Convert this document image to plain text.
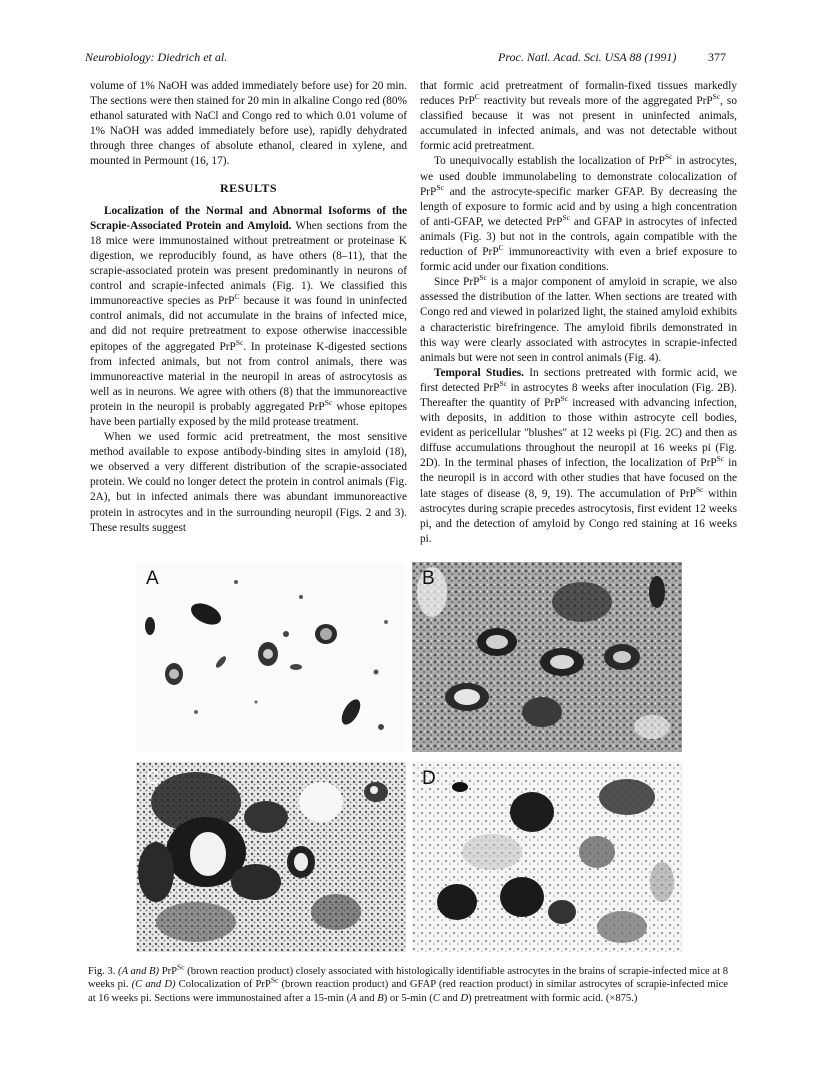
Neurobiology: Diedrich et al.	Proc. Natl. Acad. Sci. USA 88 (1991)	377

volume of 1% NaOH was added immediately before use) for 20 min. The sections were then stained for 20 min in alkaline Congo red (80% ethanol saturated with NaCl and Congo red to which 0.01 volume of 1% NaOH was added immediately before use), rapidly dehydrated through three changes of absolute ethanol, cleared in xylene, and mounted in Permount (16, 17).

RESULTS

Localization of the Normal and Abnormal Isoforms of the Scrapie-Associated Protein and Amyloid. When sections from the 18 mice were immunostained without pretreatment or proteinase K digestion, we reproducibly found, as have others (8–11), that the scrapie-associated protein was present predominantly in neurons of control and scrapie-infected animals (Fig. 1). We classified this immunoreactive species as PrP$^C$ because it was found in uninfected control animals, did not accumulate in the brains of infected mice, and did not require pretreatment to expose otherwise inaccessible epitopes of the aggregated PrP$^{Sc}$. In proteinase K-digested sections from infected animals, but not from control animals, there was immunoreactive material in the neuropil in areas of astrocytosis as well as in neurons. We agree with others (8) that the immunoreactive protein in the neuropil is probably aggregated PrP$^{Sc}$ whose epitopes have been partially exposed by the mild protease treatment.

When we used formic acid pretreatment, the most sensitive method available to expose antibody-binding sites in amyloid (18), we observed a very different distribution of the scrapie-associated protein. We could no longer detect the protein in control animals (Fig. 2A), but in infected animals there was abundant immunoreactive protein in astrocytes and in the surrounding neuropil (Figs. 2 and 3). These results suggest

that formic acid pretreatment of formalin-fixed tissues markedly reduces PrP$^C$ reactivity but reveals more of the aggregated PrP$^{Sc}$, so classified because it was not present in uninfected animals, accumulated in infected animals, and was not detectable without formic acid pretreatment.

To unequivocally establish the localization of PrP$^{Sc}$ in astrocytes, we used double immunolabeling to demonstrate colocalization of PrP$^{Sc}$ and the astrocyte-specific marker GFAP. By decreasing the length of exposure to formic acid and by using a high concentration of anti-GFAP, we detected PrP$^{Sc}$ and GFAP in astrocytes of infected animals (Fig. 3) but not in the controls, again compatible with the reduction of PrP$^C$ immunoreactivity with even a brief exposure to formic acid under our fixation conditions.

Since PrP$^{Sc}$ is a major component of amyloid in scrapie, we also assessed the distribution of the latter. When sections are treated with Congo red and viewed in polarized light, the stained amyloid exhibits a characteristic birefringence. The amyloid fibrils demonstrated in this way were clearly associated with astrocytes in scrapie-infected animals but were not seen in control animals (Fig. 4).

Temporal Studies. In sections pretreated with formic acid, we first detected PrP$^{Sc}$ in astrocytes 8 weeks after inoculation (Fig. 2B). Thereafter the quantity of PrP$^{Sc}$ increased with advancing infection, with deposits, in addition to those within astrocyte cell bodies, evident as pericellular "blushes" at 12 weeks pi (Fig. 2C) and then as diffuse accumulations throughout the neuropil at 16 weeks pi (Fig. 2D). In the terminal phases of infection, the localization of PrP$^{Sc}$ in the neuropil is in accord with other studies that have focused on the late stages of disease (8, 9, 19). The accumulation of PrP$^{Sc}$ within astrocytes during scrapie precedes astrocytosis, first evident 12 weeks pi, and the detection of amyloid by Congo red staining at 16 weeks pi.

A	B
C	D
Fig. 3. (A and B) PrP$^{Sc}$ (brown reaction product) closely associated with histologically identifiable astrocytes in the brains of scrapie-infected mice at 8 weeks pi. (C and D) Colocalization of PrP$^{Sc}$ (brown reaction product) and GFAP (red reaction product) in similar astrocytes of scrapie-infected mice at 16 weeks pi. Sections were immunostained after a 15-min (A and B) or 5-min (C and D) pretreatment with formic acid. (×875.)
